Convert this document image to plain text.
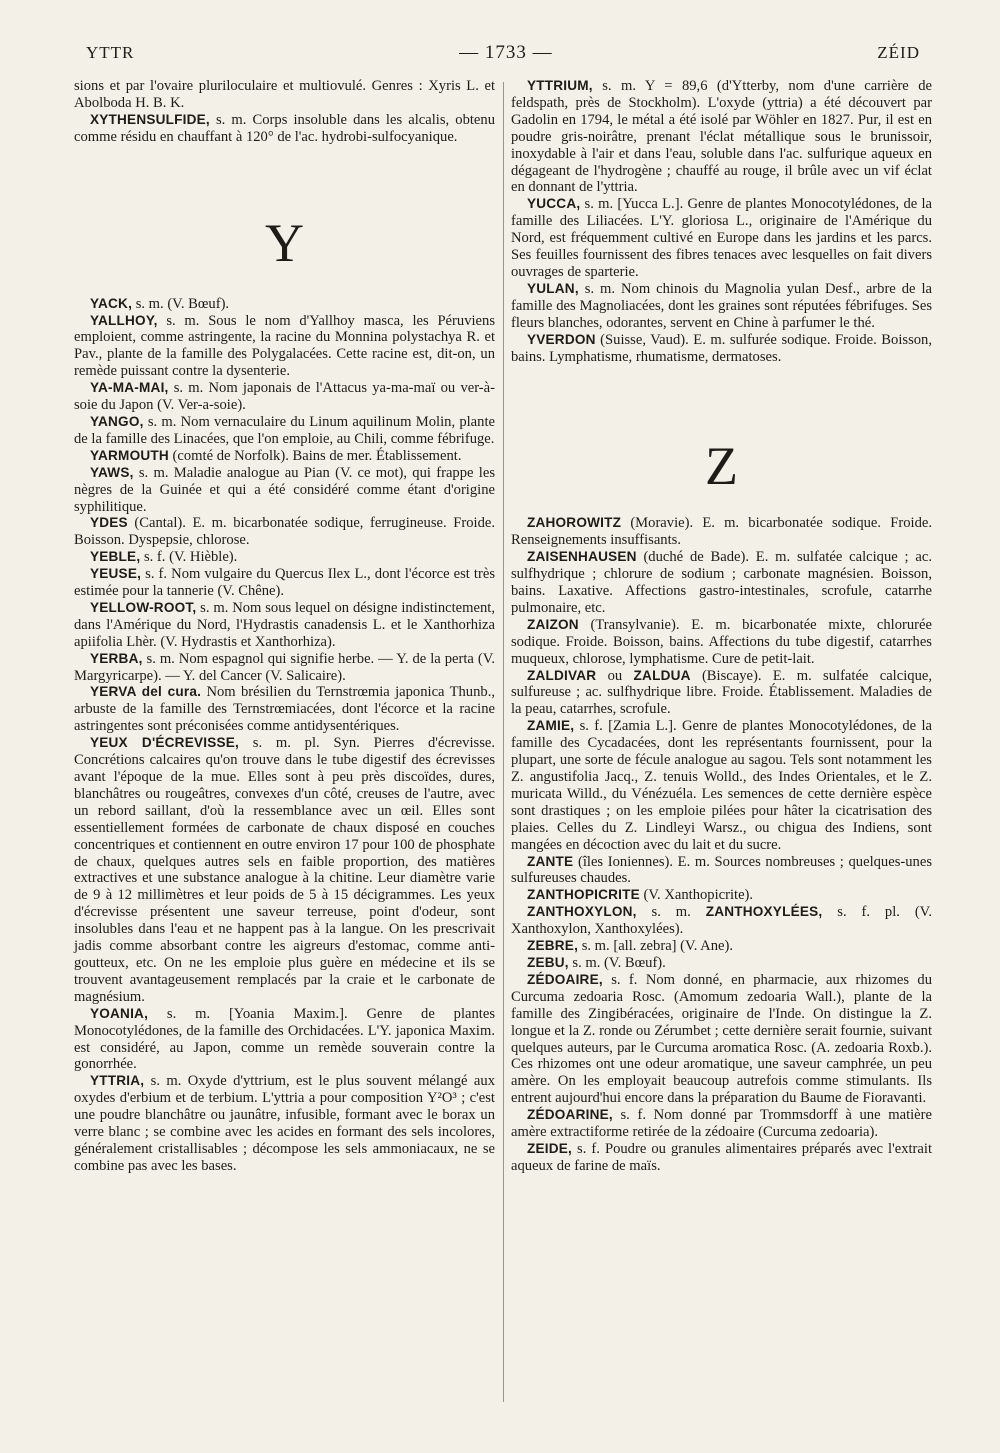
YTTR	— 1733 —	ZÉID

sions et par l'ovaire pluriloculaire et multiovulé. Genres : Xyris L. et Abolboda H. B. K.

XYTHENSULFIDE, s. m. Corps insoluble dans les alcalis, obtenu comme résidu en chauffant à 120° de l'ac. hydrobi-sulfocyanique.

Y

YACK, s. m. (V. Bœuf).

YALLHOY, s. m. Sous le nom d'Yallhoy masca, les Péruviens emploient, comme astringente, la racine du Monnina polystachya R. et Pav., plante de la famille des Polygalacées. Cette racine est, dit-on, un remède puissant contre la dysenterie.

YA-MA-MAI, s. m. Nom japonais de l'Attacus ya-ma-maï ou ver-à-soie du Japon (V. Ver-a-soie).

YANGO, s. m. Nom vernaculaire du Linum aquilinum Molin, plante de la famille des Linacées, que l'on emploie, au Chili, comme fébrifuge.

YARMOUTH (comté de Norfolk). Bains de mer. Établissement.

YAWS, s. m. Maladie analogue au Pian (V. ce mot), qui frappe les nègres de la Guinée et qui a été considéré comme étant d'origine syphilitique.

YDES (Cantal). E. m. bicarbonatée sodique, ferrugineuse. Froide. Boisson. Dyspepsie, chlorose.

YEBLE, s. f. (V. Hièble).

YEUSE, s. f. Nom vulgaire du Quercus Ilex L., dont l'écorce est très estimée pour la tannerie (V. Chêne).

YELLOW-ROOT, s. m. Nom sous lequel on désigne indistinctement, dans l'Amérique du Nord, l'Hydrastis canadensis L. et le Xanthorhiza apiifolia Lhèr. (V. Hydrastis et Xanthorhiza).

YERBA, s. m. Nom espagnol qui signifie herbe. — Y. de la perta (V. Margyricarpe). — Y. del Cancer (V. Salicaire).

YERVA del cura. Nom brésilien du Ternstrœmia japonica Thunb., arbuste de la famille des Ternstrœmiacées, dont l'écorce et la racine astringentes sont préconisées comme antidysentériques.

YEUX D'ÉCREVISSE, s. m. pl. Syn. Pierres d'écrevisse. Concrétions calcaires qu'on trouve dans le tube digestif des écrevisses avant l'époque de la mue. Elles sont à peu près discoïdes, dures, blanchâtres ou rougeâtres, convexes d'un côté, creuses de l'autre, avec un rebord saillant, d'où la ressemblance avec un œil. Elles sont essentiellement formées de carbonate de chaux disposé en couches concentriques et contiennent en outre environ 17 pour 100 de phosphate de chaux, quelques autres sels en faible proportion, des matières extractives et une substance analogue à la chitine. Leur diamètre varie de 9 à 12 millimètres et leur poids de 5 à 15 décigrammes. Les yeux d'écrevisse présentent une saveur terreuse, point d'odeur, sont insolubles dans l'eau et ne happent pas à la langue. On les prescrivait jadis comme absorbant contre les aigreurs d'estomac, comme anti-goutteux, etc. On ne les emploie plus guère en médecine et ils se trouvent avantageusement remplacés par la craie et le carbonate de magnésium.

YOANIA, s. m. [Yoania Maxim.]. Genre de plantes Monocotylédones, de la famille des Orchidacées. L'Y. japonica Maxim. est considéré, au Japon, comme un remède souverain contre la gonorrhée.

YTTRIA, s. m. Oxyde d'yttrium, est le plus souvent mélangé aux oxydes d'erbium et de terbium. L'yttria a pour composition Y²O³ ; c'est une poudre blanchâtre ou jaunâtre, infusible, formant avec le borax un verre blanc ; se combine avec les acides en formant des sels incolores, généralement cristallisables ; décompose les sels ammoniacaux, ne se combine pas avec les bases.

YTTRIUM, s. m. Y = 89,6 (d'Ytterby, nom d'une carrière de feldspath, près de Stockholm). L'oxyde (yttria) a été découvert par Gadolin en 1794, le métal a été isolé par Wöhler en 1827. Pur, il est en poudre gris-noirâtre, prenant l'éclat métallique sous le brunissoir, inoxydable à l'air et dans l'eau, soluble dans l'ac. sulfurique aqueux en dégageant de l'hydrogène ; chauffé au rouge, il brûle avec un vif éclat en donnant de l'yttria.

YUCCA, s. m. [Yucca L.]. Genre de plantes Monocotylédones, de la famille des Liliacées. L'Y. gloriosa L., originaire de l'Amérique du Nord, est fréquemment cultivé en Europe dans les jardins et les parcs. Ses feuilles fournissent des fibres tenaces avec lesquelles on fait divers ouvrages de sparterie.

YULAN, s. m. Nom chinois du Magnolia yulan Desf., arbre de la famille des Magnoliacées, dont les graines sont réputées fébrifuges. Ses fleurs blanches, odorantes, servent en Chine à parfumer le thé.

YVERDON (Suisse, Vaud). E. m. sulfurée sodique. Froide. Boisson, bains. Lymphatisme, rhumatisme, dermatoses.

Z

ZAHOROWITZ (Moravie). E. m. bicarbonatée sodique. Froide. Renseignements insuffisants.

ZAISENHAUSEN (duché de Bade). E. m. sulfatée calcique ; ac. sulfhydrique ; chlorure de sodium ; carbonate magnésien. Boisson, bains. Laxative. Affections gastro-intestinales, scrofule, catarrhe pulmonaire, etc.

ZAIZON (Transylvanie). E. m. bicarbonatée mixte, chlorurée sodique. Froide. Boisson, bains. Affections du tube digestif, catarrhes muqueux, chlorose, lymphatisme. Cure de petit-lait.

ZALDIVAR ou ZALDUA (Biscaye). E. m. sulfatée calcique, sulfureuse ; ac. sulfhydrique libre. Froide. Établissement. Maladies de la peau, catarrhes, scrofule.

ZAMIE, s. f. [Zamia L.]. Genre de plantes Monocotylédones, de la famille des Cycadacées, dont les représentants fournissent, pour la plupart, une sorte de fécule analogue au sagou. Tels sont notamment les Z. angustifolia Jacq., Z. tenuis Wolld., des Indes Orientales, et le Z. muricata Willd., du Vénézuéla. Les semences de cette dernière espèce sont drastiques ; on les emploie pilées pour hâter la cicatrisation des plaies. Celles du Z. Lindleyi Warsz., ou chigua des Indiens, sont mangées en décoction avec du lait et du sucre.

ZANTE (îles Ioniennes). E. m. Sources nombreuses ; quelques-unes sulfureuses chaudes.

ZANTHOPICRITE (V. Xanthopicrite).

ZANTHOXYLON, s. m. ZANTHOXYLÉES, s. f. pl. (V. Xanthoxylon, Xanthoxylées).

ZEBRE, s. m. [all. zebra] (V. Ane).

ZEBU, s. m. (V. Bœuf).

ZÉDOAIRE, s. f. Nom donné, en pharmacie, aux rhizomes du Curcuma zedoaria Rosc. (Amomum zedoaria Wall.), plante de la famille des Zingibéracées, originaire de l'Inde. On distingue la Z. longue et la Z. ronde ou Zérumbet ; cette dernière serait fournie, suivant quelques auteurs, par le Curcuma aromatica Rosc. (A. zedoaria Roxb.). Ces rhizomes ont une odeur aromatique, une saveur camphrée, un peu amère. On les employait beaucoup autrefois comme stimulants. Ils entrent aujourd'hui encore dans la préparation du Baume de Fioravanti.

ZÉDOARINE, s. f. Nom donné par Trommsdorff à une matière amère extractiforme retirée de la zédoaire (Curcuma zedoaria).

ZEIDE, s. f. Poudre ou granules alimentaires préparés avec l'extrait aqueux de farine de maïs.
